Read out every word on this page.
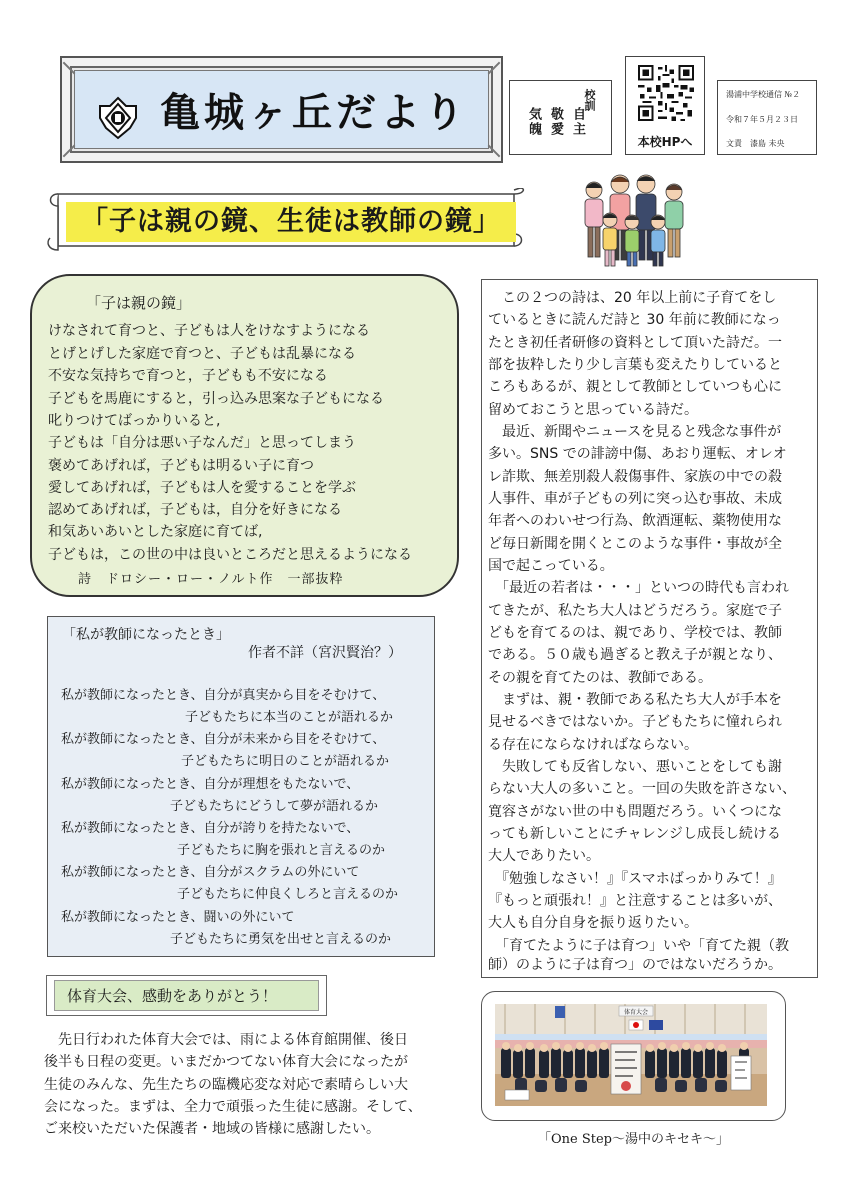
亀城ヶ丘だより	校訓
自主
敬愛
気魄
本校HPへ
湯浦中学校通信 №２
令和７年５月２３日
文責　漆島 未央
「子は親の鏡、生徒は教師の鏡」
「子は親の鏡」
けなされて育つと、子どもは人をけなすようになる
とげとげした家庭で育つと、子どもは乱暴になる
不安な気持ちで育つと，子どもも不安になる
子どもを馬鹿にすると，引っ込み思案な子どもになる
叱りつけてばっかりいると,
子どもは「自分は悪い子なんだ」と思ってしまう
褒めてあげれば，子どもは明るい子に育つ
愛してあげれば，子どもは人を愛することを学ぶ
認めてあげれば，子どもは，自分を好きになる
和気あいあいとした家庭に育てば,
子どもは，この世の中は良いところだと思えるようになる
詩　ドロシー・ロー・ノルト作　一部抜粋
「私が教師になったとき」
作者不詳（宮沢賢治？）
私が教師になったとき、自分が真実から目をそむけて、
子どもたちに本当のことが語れるか
私が教師になったとき、自分が未来から目をそむけて、
子どもたちに明日のことが語れるか
私が教師になったとき、自分が理想をもたないで、
子どもたちにどうして夢が語れるか
私が教師になったとき、自分が誇りを持たないで、
子どもたちに胸を張れと言えるのか
私が教師になったとき、自分がスクラムの外にいて
子どもたちに仲良くしろと言えるのか
私が教師になったとき、闘いの外にいて
子どもたちに勇気を出せと言えるのか
　この２つの詩は、20 年以上前に子育てをし
ているときに読んだ詩と 30 年前に教師になっ
たとき初任者研修の資料として頂いた詩だ。一
部を抜粋したり少し言葉も変えたりしていると
ころもあるが、親として教師としていつも心に
留めておこうと思っている詩だ。
　最近、新聞やニュースを見ると残念な事件が
多い。SNS での誹謗中傷、あおり運転、オレオ
レ詐欺、無差別殺人殺傷事件、家族の中での殺
人事件、車が子どもの列に突っ込む事故、未成
年者へのわいせつ行為、飲酒運転、薬物使用な
ど毎日新聞を開くとこのような事件・事故が全
国で起こっている。
　「最近の若者は・・・」といつの時代も言われ
てきたが、私たち大人はどうだろう。家庭で子
どもを育てるのは、親であり、学校では、教師
である。５０歳も過ぎると教え子が親となり、
その親を育てたのは、教師である。
　まずは、親・教師である私たち大人が手本を
見せるべきではないか。子どもたちに憧れられ
る存在にならなければならない。
　失敗しても反省しない、悪いことをしても謝
らない大人の多いこと。一回の失敗を許さない、
寛容さがない世の中も問題だろう。いくつにな
っても新しいことにチャレンジし成長し続ける
大人でありたい。
　『勉強しなさい！』『スマホばっかりみて！』
『もっと頑張れ！』と注意することは多いが、
大人も自分自身を振り返りたい。
　「育てたように子は育つ」いや「育てた親（教
師）のように子は育つ」のではないだろうか。
体育大会、感動をありがとう！
　先日行われた体育大会では、雨による体育館開催、後日
後半も日程の変更。いまだかつてない体育大会になったが
生徒のみんな、先生たちの臨機応変な対応で素晴らしい大
会になった。まずは、全力で頑張った生徒に感謝。そして、
ご来校いただいた保護者・地域の皆様に感謝したい。
体育大会
「One Step～湯中のキセキ～」
